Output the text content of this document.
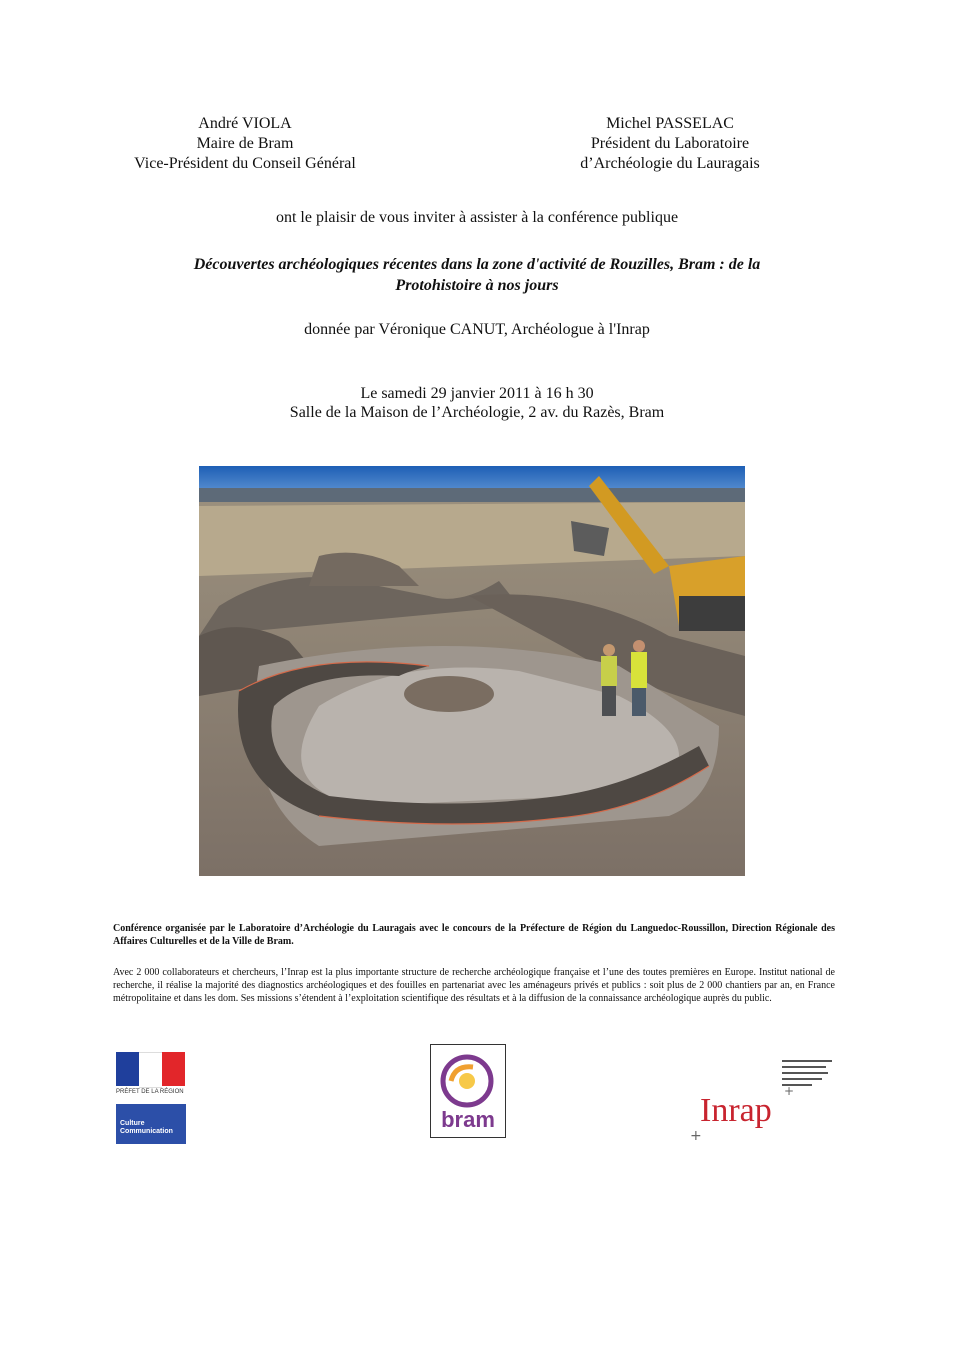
André VIOLA
Maire de Bram
Vice-Président du Conseil Général
Michel PASSELAC
Président du Laboratoire
d’Archéologie du Lauragais
ont le plaisir de vous inviter à assister à la conférence publique
Découvertes archéologiques récentes dans la zone d'activité de Rouzilles, Bram : de la
Protohistoire à nos jours
donnée par Véronique CANUT, Archéologue à l'Inrap
Le samedi 29 janvier 2011 à 16 h 30
Salle de la Maison de l’Archéologie, 2 av. du Razès, Bram
Conférence organisée par le Laboratoire d’Archéologie du Lauragais avec le concours de la Préfecture de Région du Languedoc-Roussillon, Direction Régionale des Affaires Culturelles et de la Ville de Bram.
Avec 2 000 collaborateurs et chercheurs, l’Inrap est la plus importante structure de recherche archéologique française et l’une des toutes premières en Europe. Institut national de recherche, il réalise la majorité des diagnostics archéologiques et des fouilles en partenariat avec les aménageurs privés et publics : soit plus de 2 000 chantiers par an, en France métropolitaine et dans les dom. Ses missions s’étendent à l’exploitation scientifique des résultats et à la diffusion de la connaissance archéologique auprès du public.
PRÉFET DE LA RÉGION
Culture Communication	bram	Inrap
+
+
